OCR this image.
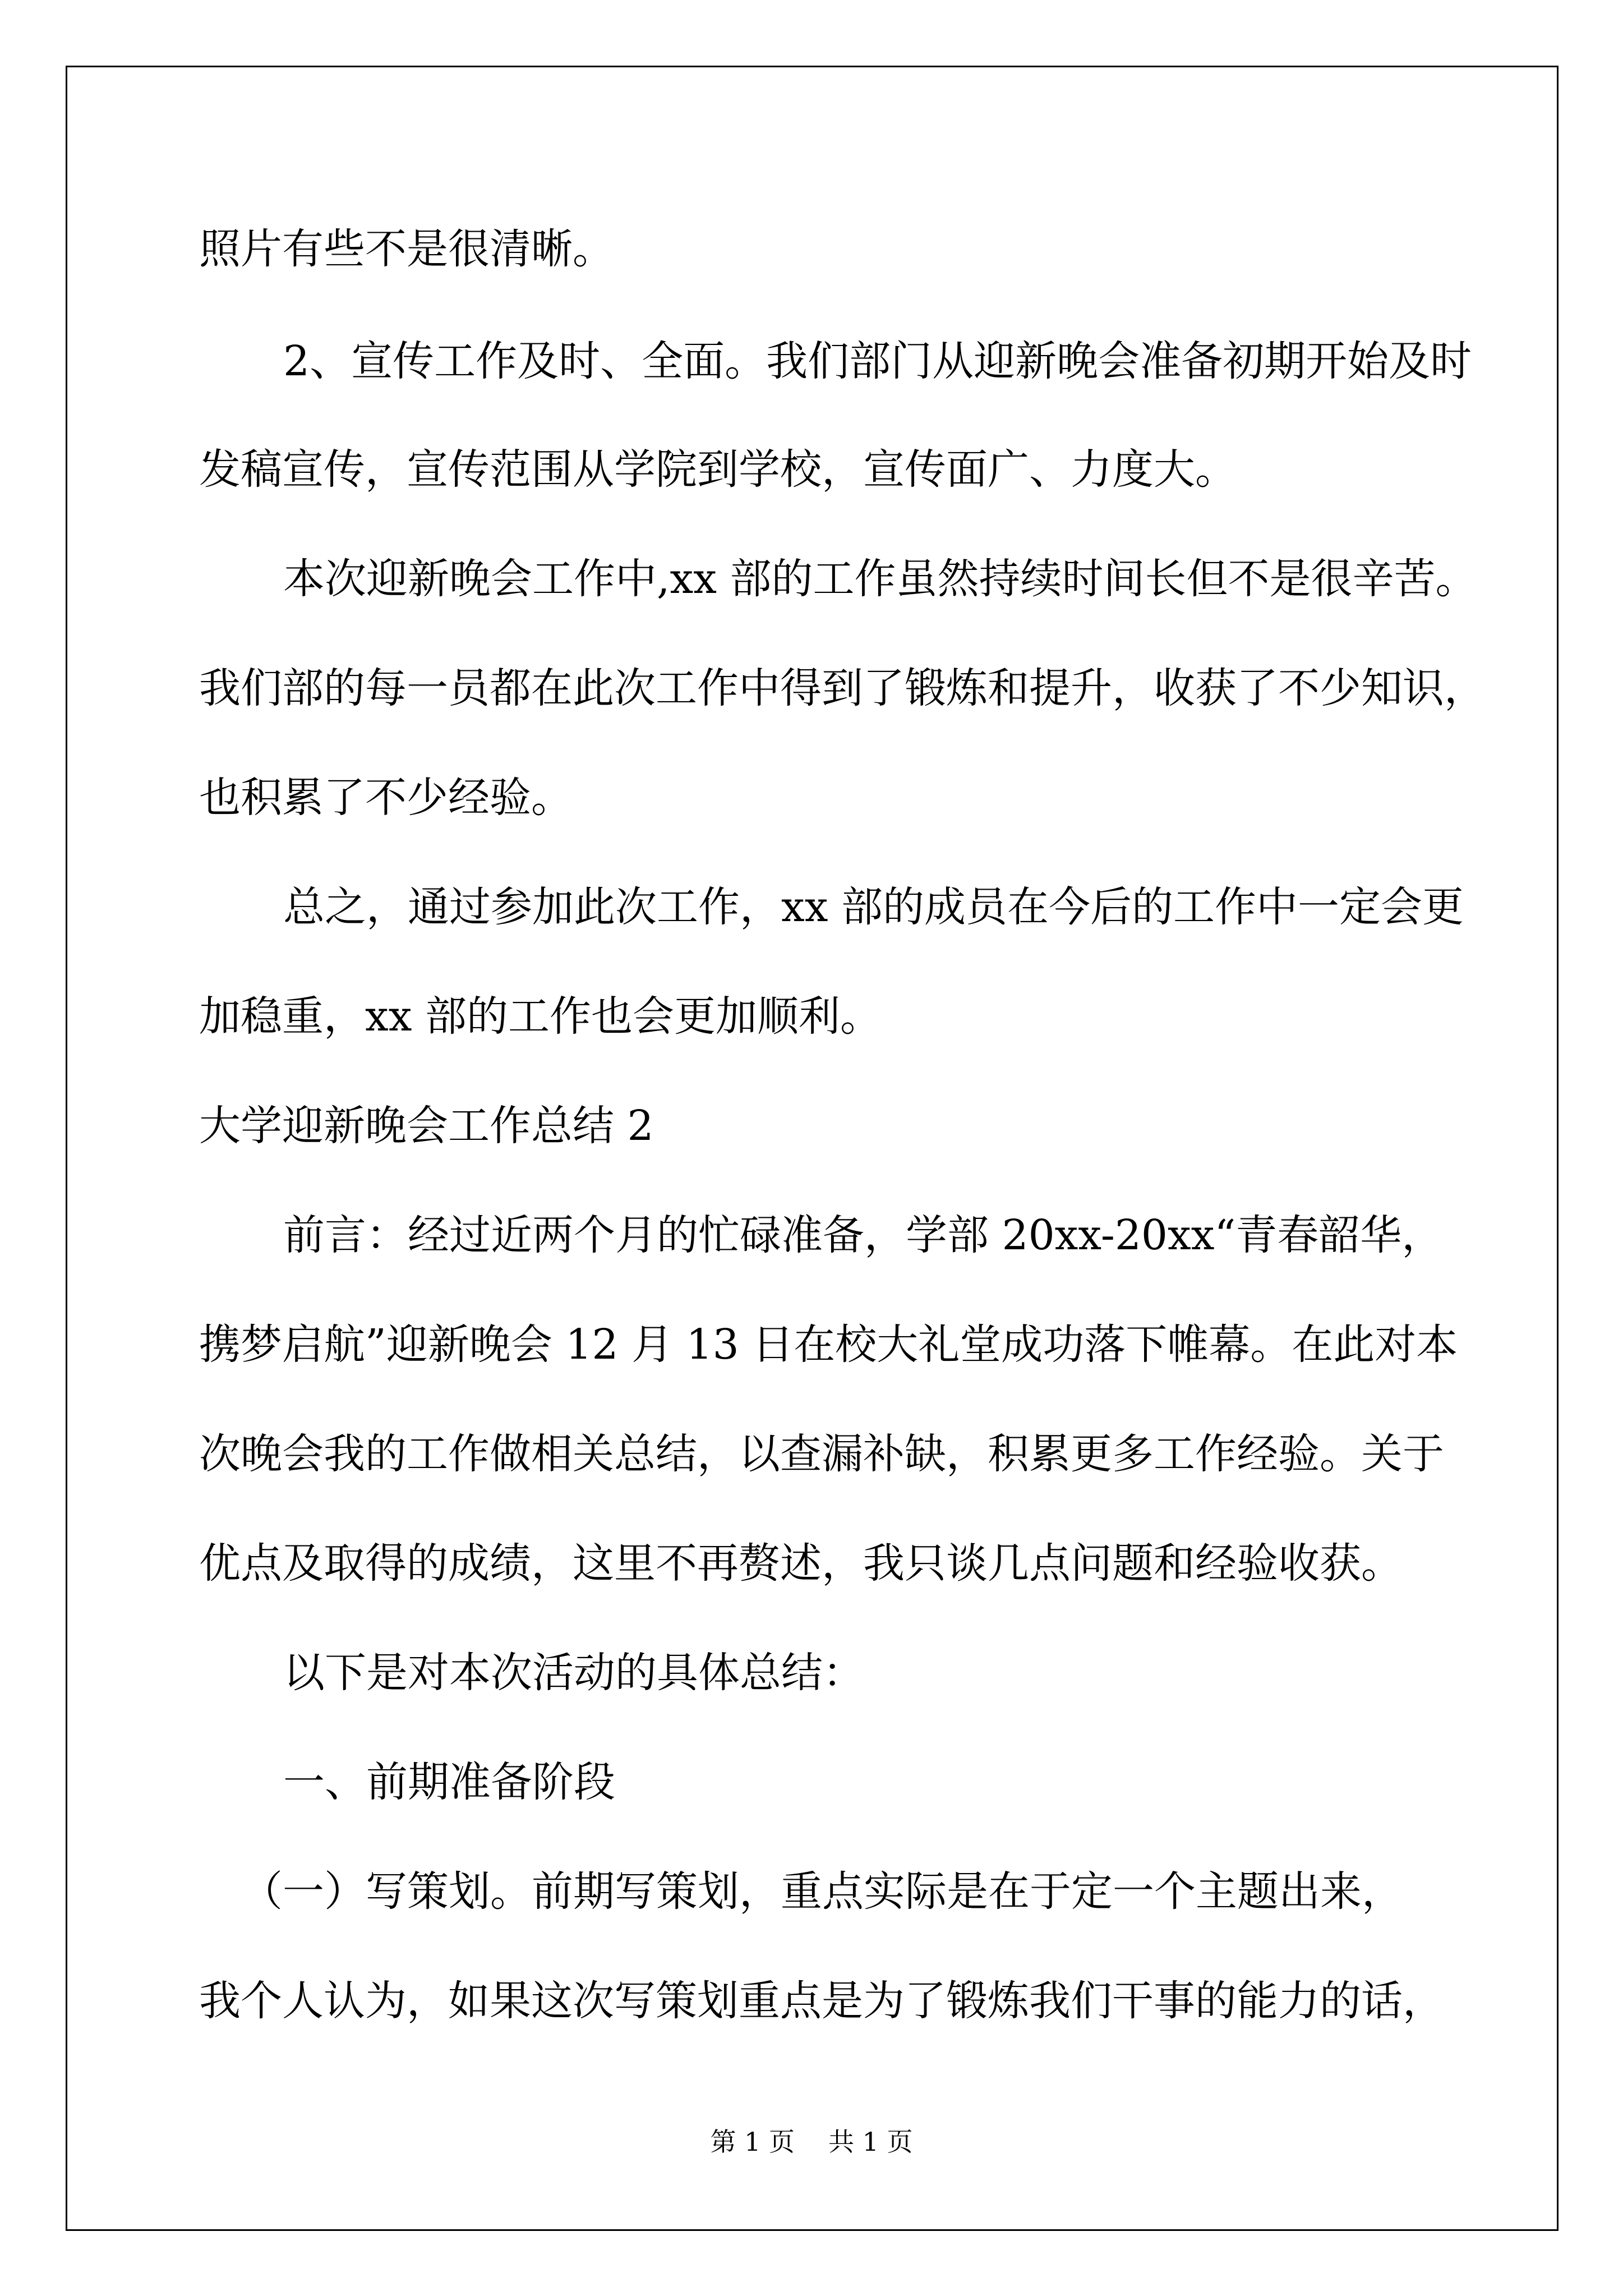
照片有些不是很清晰。
2、宣传工作及时、全面。我们部门从迎新晚会准备初期开始及时
发稿宣传，宣传范围从学院到学校，宣传面广、力度大。
本次迎新晚会工作中,xx 部的工作虽然持续时间长但不是很辛苦。
我们部的每一员都在此次工作中得到了锻炼和提升，收获了不少知识，
也积累了不少经验。
总之，通过参加此次工作，xx 部的成员在今后的工作中一定会更
加稳重，xx 部的工作也会更加顺利。
大学迎新晚会工作总结 2
前言：经过近两个月的忙碌准备，学部 20xx-20xx“青春韶华，
携梦启航”迎新晚会 12 月 13 日在校大礼堂成功落下帷幕。在此对本
次晚会我的工作做相关总结，以查漏补缺，积累更多工作经验。关于
优点及取得的成绩，这里不再赘述，我只谈几点问题和经验收获。
以下是对本次活动的具体总结：
一、前期准备阶段
（一）写策划。前期写策划，重点实际是在于定一个主题出来，
我个人认为，如果这次写策划重点是为了锻炼我们干事的能力的话，
第 1 页 共 1 页
